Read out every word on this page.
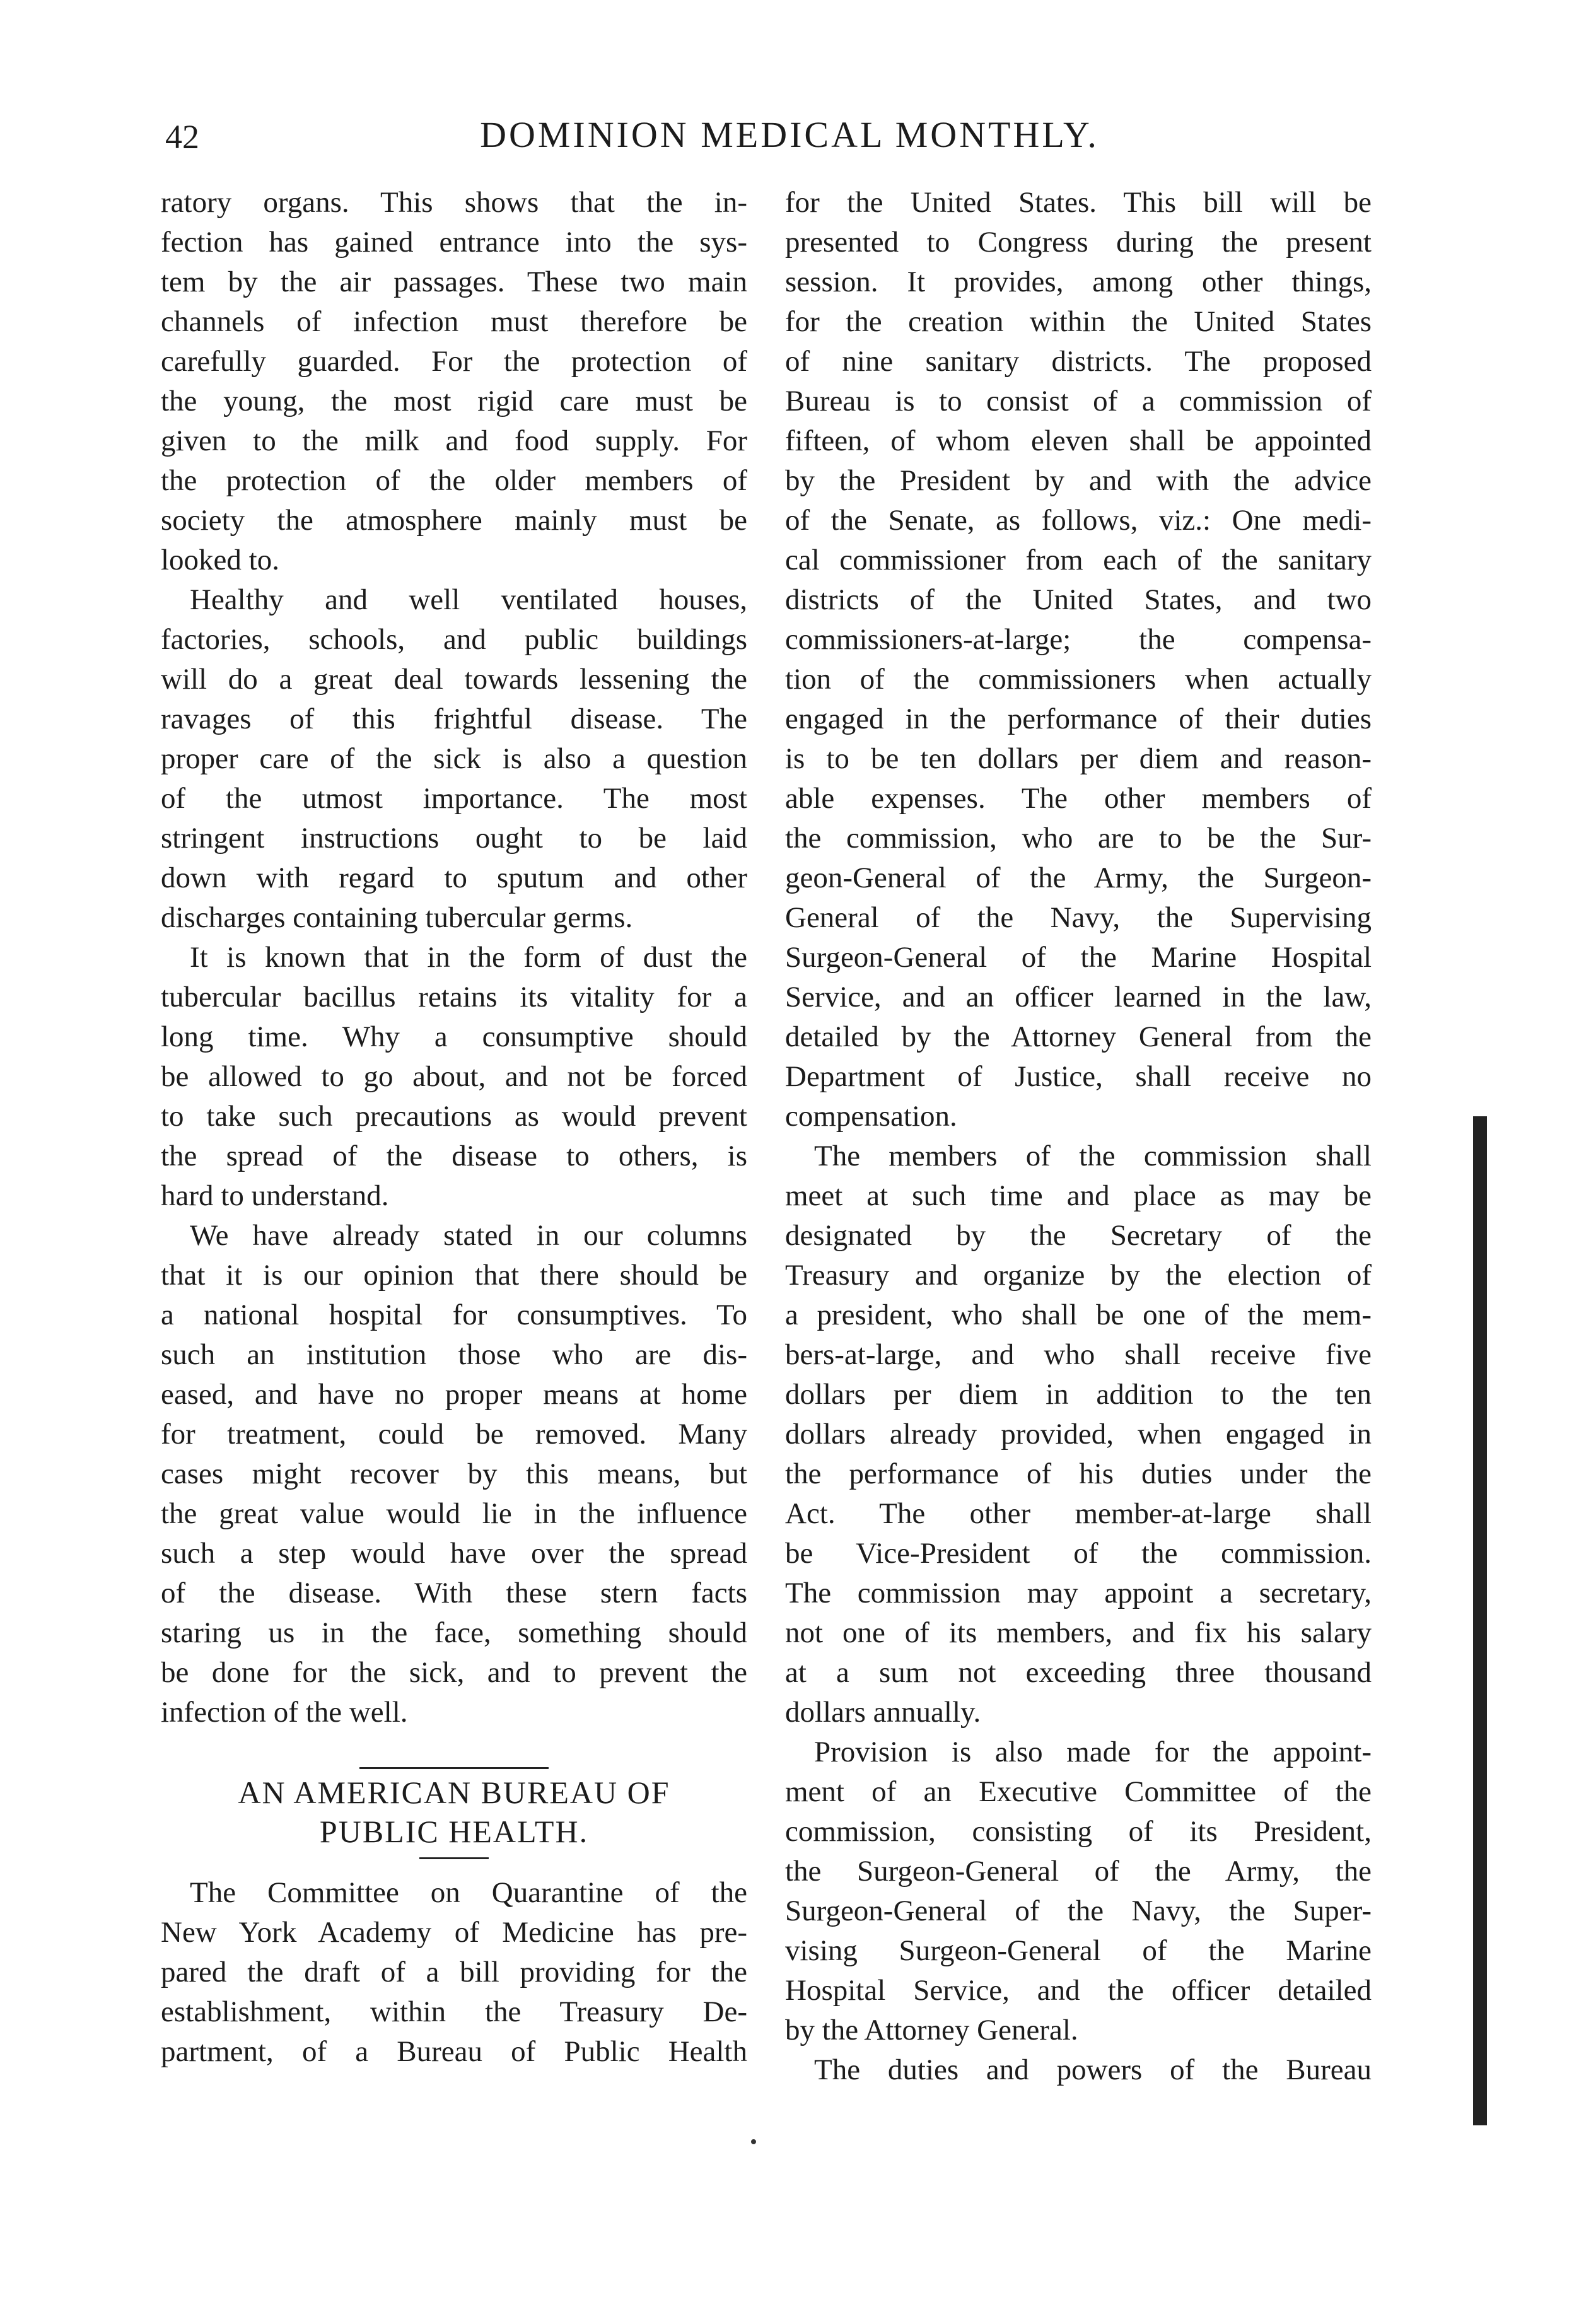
42	DOMINION MEDICAL MONTHLY.
ratory organs. This shows that the in-
fection has gained entrance into the sys-
tem by the air passages. These two main
channels of infection must therefore be
carefully guarded. For the protection of
the young, the most rigid care must be
given to the milk and food supply. For
the protection of the older members of
society the atmosphere mainly must be
looked to.
Healthy and well ventilated houses,
factories, schools, and public buildings
will do a great deal towards lessening the
ravages of this frightful disease. The
proper care of the sick is also a question
of the utmost importance. The most
stringent instructions ought to be laid
down with regard to sputum and other
discharges containing tubercular germs.
It is known that in the form of dust the
tubercular bacillus retains its vitality for a
long time. Why a consumptive should
be allowed to go about, and not be forced
to take such precautions as would prevent
the spread of the disease to others, is
hard to understand.
We have already stated in our columns
that it is our opinion that there should be
a national hospital for consumptives. To
such an institution those who are dis-
eased, and have no proper means at home
for treatment, could be removed. Many
cases might recover by this means, but
the great value would lie in the influence
such a step would have over the spread
of the disease. With these stern facts
staring us in the face, something should
be done for the sick, and to prevent the
infection of the well.
AN AMERICAN BUREAU OF
PUBLIC HEALTH.
The Committee on Quarantine of the
New York Academy of Medicine has pre-
pared the draft of a bill providing for the
establishment, within the Treasury De-
partment, of a Bureau of Public Health
for the United States. This bill will be
presented to Congress during the present
session. It provides, among other things,
for the creation within the United States
of nine sanitary districts. The proposed
Bureau is to consist of a commission of
fifteen, of whom eleven shall be appointed
by the President by and with the advice
of the Senate, as follows, viz.: One medi-
cal commissioner from each of the sanitary
districts of the United States, and two
commissioners-at-large; the compensa-
tion of the commissioners when actually
engaged in the performance of their duties
is to be ten dollars per diem and reason-
able expenses. The other members of
the commission, who are to be the Sur-
geon-General of the Army, the Surgeon-
General of the Navy, the Supervising
Surgeon-General of the Marine Hospital
Service, and an officer learned in the law,
detailed by the Attorney General from the
Department of Justice, shall receive no
compensation.
The members of the commission shall
meet at such time and place as may be
designated by the Secretary of the
Treasury and organize by the election of
a president, who shall be one of the mem-
bers-at-large, and who shall receive five
dollars per diem in addition to the ten
dollars already provided, when engaged in
the performance of his duties under the
Act. The other member-at-large shall
be Vice-President of the commission.
The commission may appoint a secretary,
not one of its members, and fix his salary
at a sum not exceeding three thousand
dollars annually.
Provision is also made for the appoint-
ment of an Executive Committee of the
commission, consisting of its President,
the Surgeon-General of the Army, the
Surgeon-General of the Navy, the Super-
vising Surgeon-General of the Marine
Hospital Service, and the officer detailed
by the Attorney General.
The duties and powers of the Bureau
